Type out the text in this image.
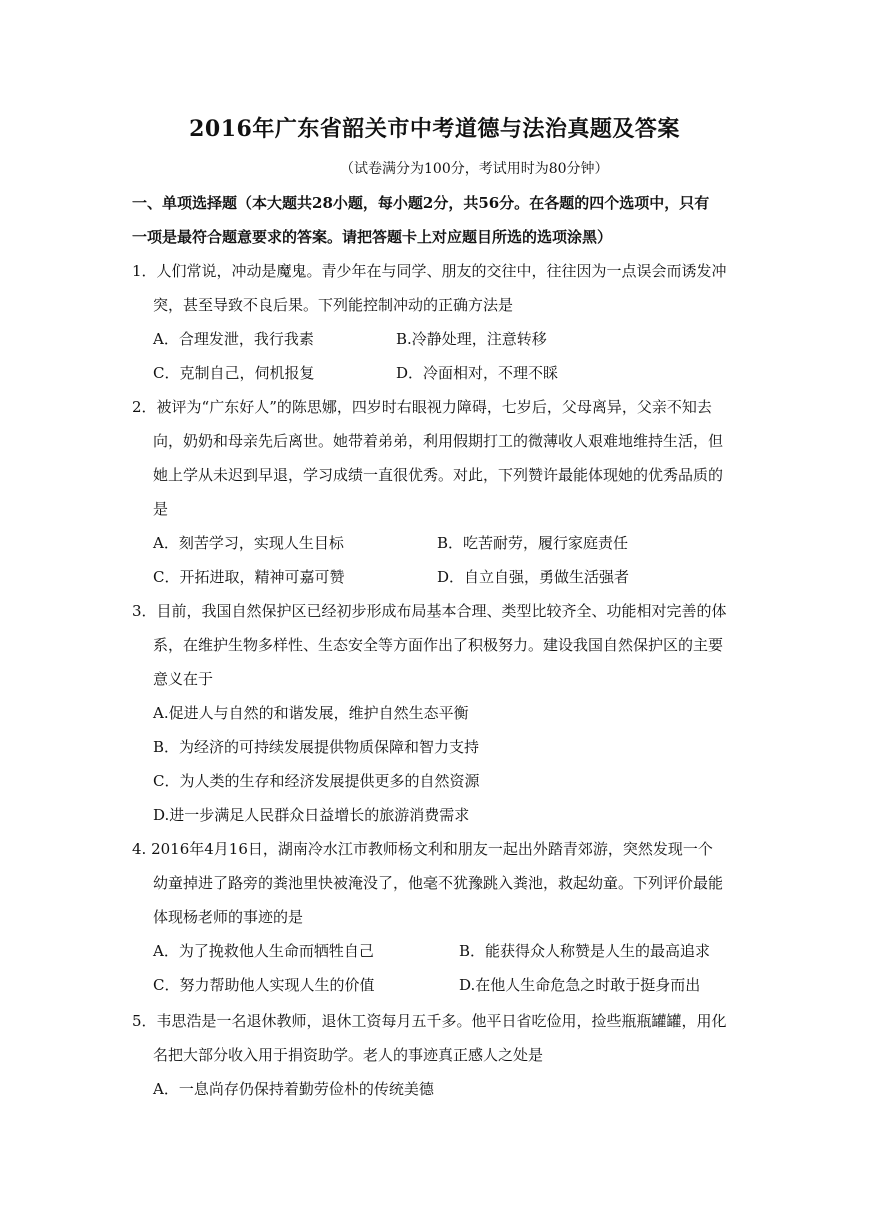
2016年广东省韶关市中考道德与法治真题及答案
（试卷满分为100分，考试用时为80分钟）
一、单项选择题（本大题共28小题，每小题2分，共56分。在各题的四个选项中，只有
一项是最符合题意要求的答案。请把答题卡上对应题目所选的选项涂黑）
1．人们常说，冲动是魔鬼。青少年在与同学、朋友的交往中，往往因为一点误会而诱发冲
突，甚至导致不良后果。下列能控制冲动的正确方法是
A．合理发泄，我行我素	B.冷静处理，注意转移
C．克制自己，伺机报复	D．冷面相对，不理不睬
2．被评为“广东好人”的陈思娜，四岁时右眼视力障碍，七岁后，父母离异，父亲不知去
向，奶奶和母亲先后离世。她带着弟弟，利用假期打工的微薄收人艰难地维持生活，但
她上学从未迟到早退，学习成绩一直很优秀。对此，下列赞许最能体现她的优秀品质的
是
A．刻苦学习，实现人生目标	B．吃苦耐劳，履行家庭责任
C．开拓进取，精神可嘉可赞	D．自立自强，勇做生活强者
3．目前，我国自然保护区已经初步形成布局基本合理、类型比较齐全、功能相对完善的体
系，在维护生物多样性、生态安全等方面作出了积极努力。建设我国自然保护区的主要
意义在于
A.促进人与自然的和谐发展，维护自然生态平衡
B．为经济的可持续发展提供物质保障和智力支持
C．为人类的生存和经济发展提供更多的自然资源
D.进一步满足人民群众日益增长的旅游消费需求
4. 2016年4月16日，湖南冷水江市教师杨文利和朋友一起出外踏青郊游，突然发现一个
幼童掉进了路旁的粪池里快被淹没了，他毫不犹豫跳入粪池，救起幼童。下列评价最能
体现杨老师的事迹的是
A．为了挽救他人生命而牺牲自己	B．能获得众人称赞是人生的最高追求
C．努力帮助他人实现人生的价值	D.在他人生命危急之时敢于挺身而出
5．韦思浩是一名退休教师，退休工资每月五千多。他平日省吃俭用，捡些瓶瓶罐罐，用化
名把大部分收入用于捐资助学。老人的事迹真正感人之处是
A．一息尚存仍保持着勤劳俭朴的传统美德
